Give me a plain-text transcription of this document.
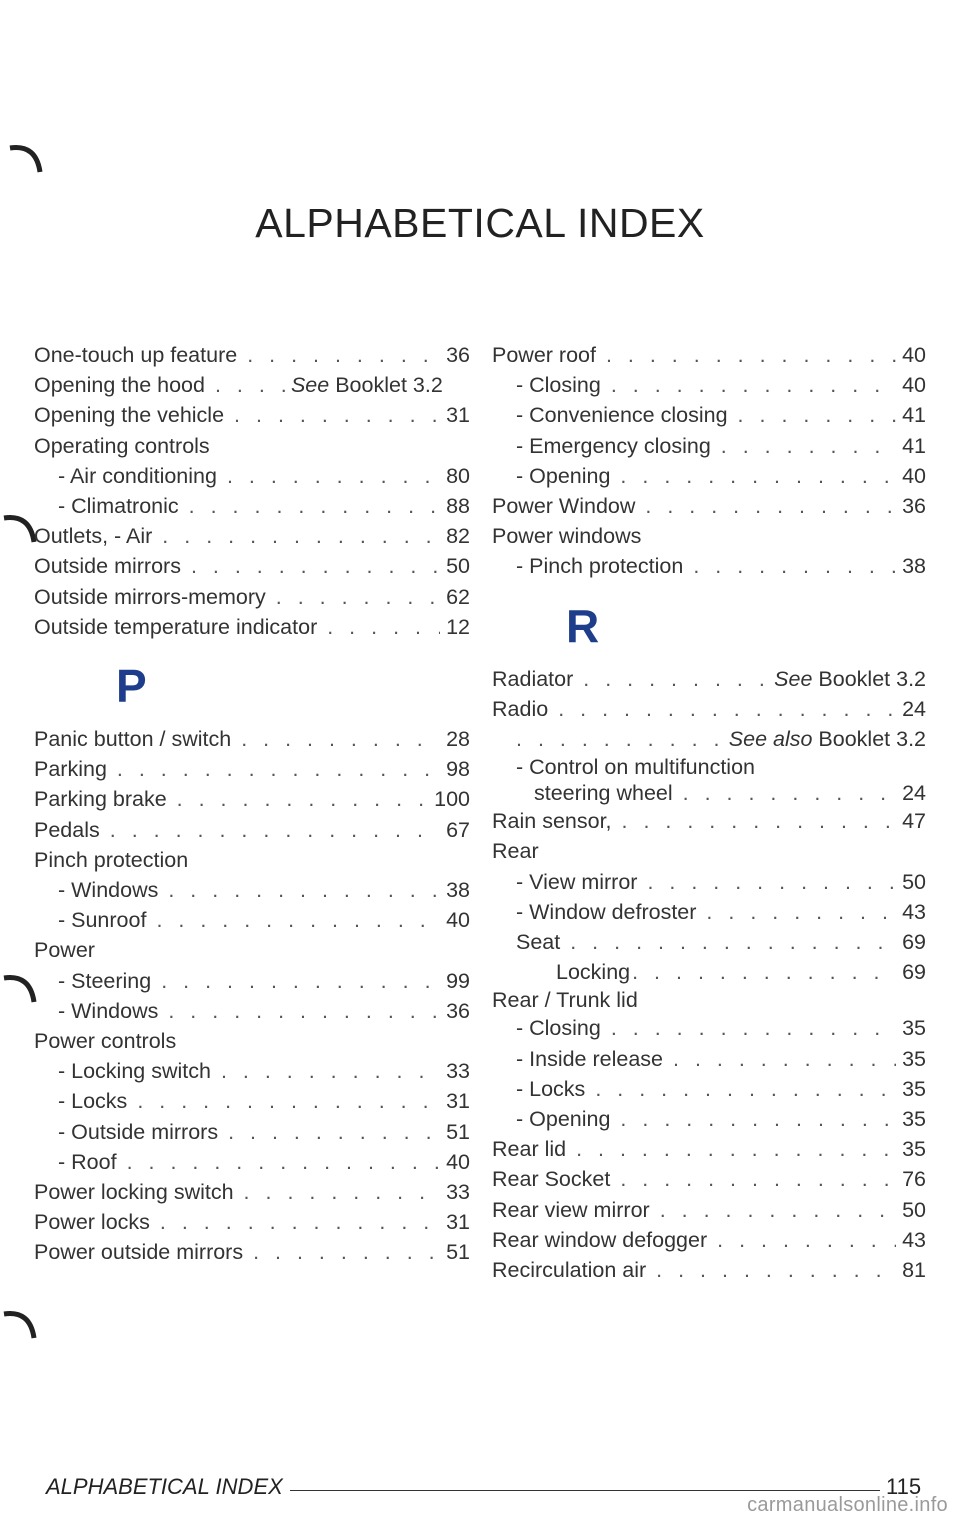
ALPHABETICAL INDEX
One-touch up feature . . .	36
Opening the hood . . .	See Booklet 3.2
Opening the vehicle . . .	31
Operating controls
- Air conditioning . . .	80
- Climatronic . . .	88
Outlets, - Air . . .	82
Outside mirrors . . .	50
Outside mirrors-memory . . .	62
Outside temperature indicator . . .	12
P
Panic button / switch . . .	28
Parking . . .	98
Parking brake . . .	100
Pedals . . .	67
Pinch protection
- Windows . . .	38
- Sunroof . . .	40
Power
- Steering . . .	99
- Windows . . .	36
Power controls
- Locking switch . . .	33
- Locks . . .	31
- Outside mirrors . . .	51
- Roof . . .	40
Power locking switch . . .	33
Power locks . . .	31
Power outside mirrors . . .	51
Power roof . . .	40
- Closing . . .	40
- Convenience closing . . .	41
- Emergency closing . . .	41
- Opening . . .	40
Power Window . . .	36
Power windows
- Pinch protection . . .	38
R
Radiator . . .	See Booklet 3.2
Radio . . .	24
. . .
See also Booklet 3.2
- Control on multifunction
steering wheel . . .	24
Rain sensor, . . .	47
Rear
- View mirror . . .	50
- Window defroster . . .	43
Seat . . .	69
Locking . . .	69
Rear / Trunk lid
- Closing . . .	35
- Inside release . . .	35
- Locks . . .	35
- Opening . . .	35
Rear lid . . .	35
Rear Socket . . .	76
Rear view mirror . . .	50
Rear window defogger . . .	43
Recirculation air . . .	81
ALPHABETICAL INDEX	115
carmanualsonline.info
